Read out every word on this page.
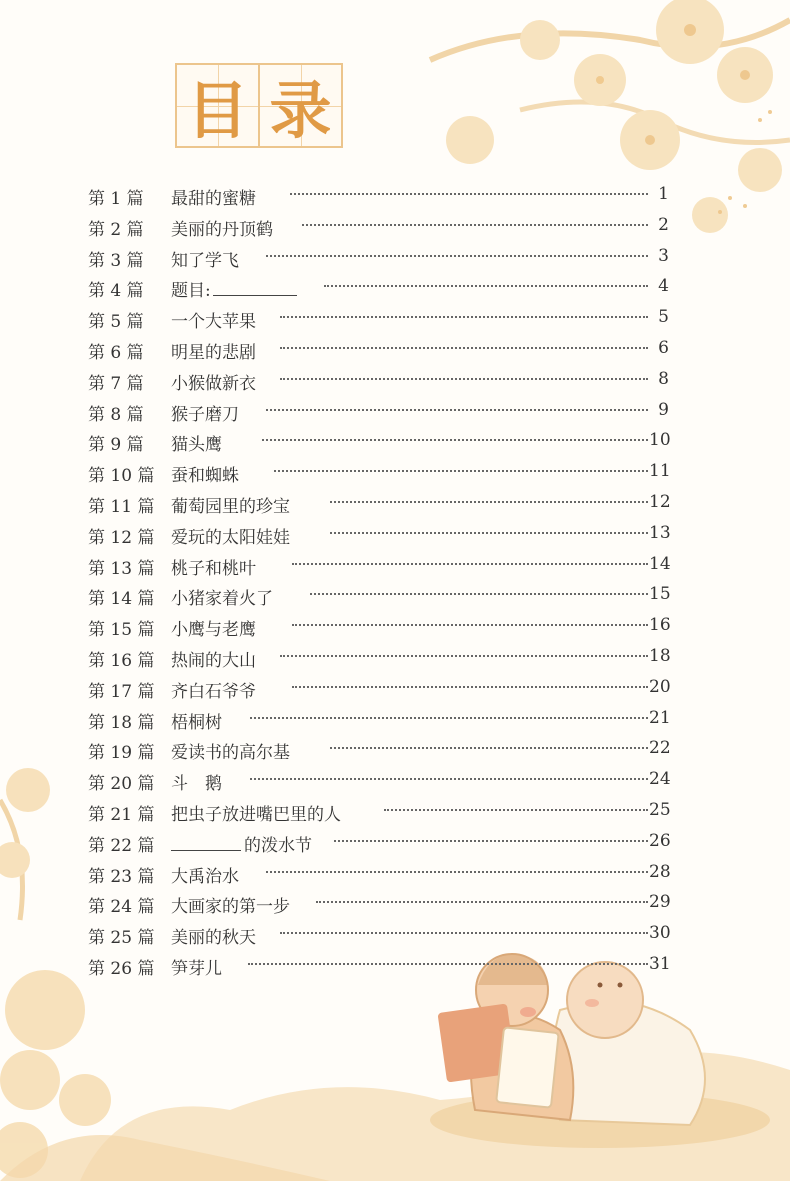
目 录
第 1 篇 最甜的蜜糖	1
第 2 篇 美丽的丹顶鹤	2
第 3 篇 知了学飞	3
第 4 篇 题目:	4
第 5 篇 一个大苹果	5
第 6 篇 明星的悲剧	6
第 7 篇 小猴做新衣	8
第 8 篇 猴子磨刀	9
第 9 篇 猫头鹰	10
第 10 篇 蚕和蜘蛛	11
第 11 篇 葡萄园里的珍宝	12
第 12 篇 爱玩的太阳娃娃	13
第 13 篇 桃子和桃叶	14
第 14 篇 小猪家着火了	15
第 15 篇 小鹰与老鹰	16
第 16 篇 热闹的大山	18
第 17 篇 齐白石爷爷	20
第 18 篇 梧桐树	21
第 19 篇 爱读书的高尔基	22
第 20 篇 斗　鹅	24
第 21 篇 把虫子放进嘴巴里的人	25
第 22 篇	的泼水节	26
第 23 篇 大禹治水	28
第 24 篇 大画家的第一步	29
第 25 篇 美丽的秋天	30
第 26 篇 笋芽儿	31
